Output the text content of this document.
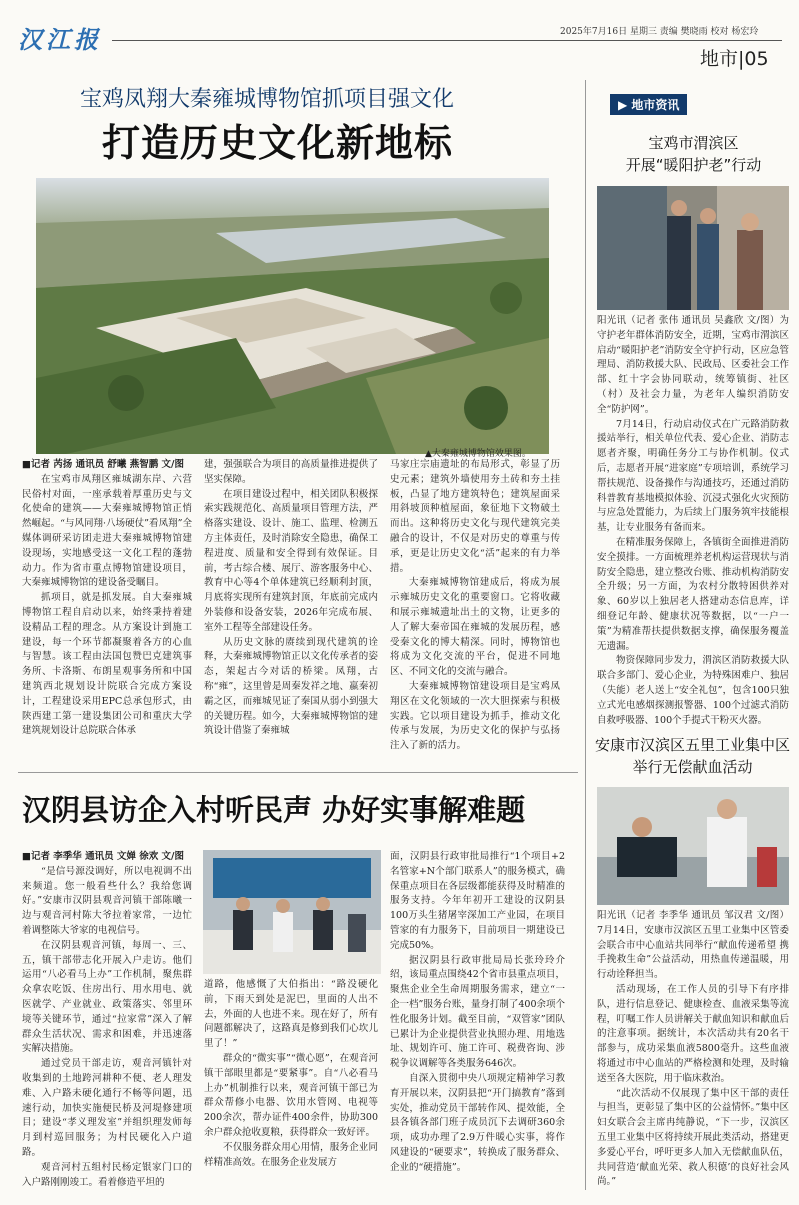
汉江报	2025年7月16日 星期三 责编 樊晓雨 校对 杨宏玲
地市|05
宝鸡凤翔大秦雍城博物馆抓项目强文化
打造历史文化新地标
▲大秦雍城博物馆效果图。
■记者 芮扬 通讯员 舒曦 燕智鹏 文/图

在宝鸡市凤翔区雍城湖东岸、六营民俗村对面，一座承载着厚重历史与文化使命的建筑——大秦雍城博物馆正悄然崛起。“与风同翔·八场硬仗”看凤翔”全媒体调研采访团走进大秦雍城博物馆建设现场，实地感受这一文化工程的蓬勃动力。作为省市重点博物馆建设项目，大秦雍城博物馆的建设备受瞩目。

抓项目，就是抓发展。自大秦雍城博物馆工程自启动以来，始终秉持着建设精品工程的理念。从方案设计到施工建设，每一个环节都凝聚着各方的心血与智慧。该工程由法国包赞巴克建筑事务所、卡洛斯、布朗星观事务所和中国建筑西北规划设计院联合完成方案设计，工程建设采用EPC总承包形式，由陕西建工第一建设集团公司和重庆大学建筑规划设计总院联合体承

建，强强联合为项目的高质量推进提供了坚实保障。

在项目建设过程中，相关团队积极探索实践规范化、高质量项目管理方法，严格落实建设、设计、施工、监理、检测五方主体责任，及时消除安全隐患，确保工程进度、质量和安全得到有效保证。目前，考古综合楼、展厅、游客服务中心、教育中心等4个单体建筑已经顺利封顶，月底将实现所有建筑封顶，年底前完成内外装修和设备安装，2026年完成布展、室外工程等全部建设任务。

从历史文脉的赓续到现代建筑的诠释，大秦雍城博物馆正以文化传承者的姿态，架起古今对话的桥梁。凤翔，古称“雍”，这里曾是周秦发祥之地、嬴秦初霸之区，而雍城见证了秦国从弱小到强大的关键历程。如今，大秦雍城博物馆的建筑设计借鉴了秦雍城

马家庄宗庙遗址的布局形式，彰显了历史元素；建筑外墙使用夯土砖和夯土挂板，凸显了地方建筑特色；建筑屋面采用斜坡顶种植屋面，象征地下文物破土而出。这种将历史文化与现代建筑完美融合的设计，不仅是对历史的尊重与传承，更是让历史文化“活”起来的有力举措。

大秦雍城博物馆建成后，将成为展示雍城历史文化的重要窗口。它将收藏和展示雍城遗址出土的文物，让更多的人了解大秦帝国在雍城的发展历程，感受秦文化的博大精深。同时，博物馆也将成为文化交流的平台，促进不同地区、不同文化的交流与融合。

大秦雍城博物馆建设项目是宝鸡凤翔区在文化领域的一次大胆探索与积极实践。它以项目建设为抓手，推动文化传承与发展，为历史文化的保护与弘扬注入了新的活力。

▶ 地市资讯
宝鸡市渭滨区
开展“暖阳护老”行动

阳光讯（记者 张伟 通讯员 吴鑫欣 文/图）为守护老年群体消防安全，近期，宝鸡市渭滨区启动“暖阳护老”消防安全守护行动，区应急管理局、消防救援大队、民政局、区委社会工作部、红十字会协同联动，统筹镇街、社区（村）及社会力量，为老年人编织消防安全“防护网”。

7月14日，行动启动仪式在广元路消防救援站举行，相关单位代表、爱心企业、消防志愿者齐聚，明确任务分工与协作机制。仪式后，志愿者开展“进家庭”专项培训，系统学习帮扶规范、设备操作与沟通技巧，还通过消防科普教育基地模拟体验、沉浸式强化火灾预防与应急处置能力，为后续上门服务筑牢技能根基，让专业服务有备而来。

在精准服务保障上，各镇街全面推进消防安全摸排。一方面梳理养老机构运营现状与消防安全隐患，建立整改台账、推动机构消防安全升级；另一方面，为农村分散特困供养对象、60岁以上独居老人搭建动态信息库，详细登记年龄、健康状况等数据，以“一户一策”为精准帮扶提供数据支撑，确保服务覆盖无遗漏。

物资保障同步发力，渭滨区消防救援大队联合多部门、爱心企业，为特殊困难户、独居（失能）老人送上“安全礼包”，包含100只独立式光电感烟探测报警器、100个过滤式消防自救呼吸器、100个手提式干粉灭火器。

安康市汉滨区五里工业集中区
举行无偿献血活动

阳光讯（记者 李季华 通讯员 邹汉君 文/图）7月14日，安康市汉滨区五里工业集中区管委会联合市中心血站共同举行“献血传递希望 携手挽救生命”公益活动，用热血传递温暖，用行动诠释担当。

活动现场，在工作人员的引导下有序排队，进行信息登记、健康检查、血液采集等流程，叮嘱工作人员讲解关于献血知识和献血后的注意事项。据统计，本次活动共有20名干部参与，成功采集血液5800毫升。这些血液将通过市中心血站的严格检测和处理，及时输送至各大医院，用于临床救治。

“此次活动不仅展现了集中区干部的责任与担当，更彰显了集中区的公益情怀。”集中区妇女联合会主席冉纯静说，“下一步，汉滨区五里工业集中区将持续开展此类活动，搭建更多爱心平台，呼吁更多人加入无偿献血队伍，共同营造‘献血光荣、救人积德’的良好社会风尚。”

汉阴县访企入村听民声 办好实事解难题
■记者 李季华 通讯员 文婵 徐欢 文/图

“是信号源没调好，所以电视调不出来频道。您一般看些什么？我给您调好。”安康市汉阴县观音河镇干部陈曦一边与观音河村陈大爷拉着家常，一边忙着调整陈大爷家的电视信号。

在汉阴县观音河镇，每周一、三、五，镇干部带志化开展入户走访。他们运用“八必看马上办”工作机制，聚焦群众拿农吃饭、住房出行、用水用电、就医就学、产业就业、政策落实、邻里环境等关键环节，通过“拉家常”深入了解群众生活状况、需求和困难，并迅速落实解决措施。

通过党员干部走访，观音河镇针对收集到的土地跨河耕种不便、老人理发难、入户路未硬化通行不畅等问题，迅速行动，加快实施便民桥及河堤修建项目；建设“孝义理发室”并组织理发师每月到村巡回服务；为村民硬化入户道路。

观音河村五组村民杨定银家门口的入户路刚刚竣工。看着修造平坦的

道路，他感慨了大伯指出：“路没硬化前，下雨天到处是泥巴，里面的人出不去，外面的人也进不来。现在好了，所有问题都解决了，这路真是修到我们心坎儿里了！”

群众的“微实事”“微心愿”，在观音河镇干部眼里都是“要紧事”。自“八必看马上办”机制推行以来，观音河镇干部已为群众帮修小电器、饮用水管网、电视等200余次，帮办证件400余件，协助300余户群众抢收夏粮，获得群众一致好评。

不仅服务群众用心用情，服务企业同样精准高效。在服务企业发展方

面，汉阴县行政审批局推行“1个项目+2名管家+N个部门联系人”的服务模式，确保重点项目在各层级都能获得及时精准的服务支持。今年年初开工建设的汉阴县100万头生猪屠宰深加工产业园，在项目管家的有力服务下，目前项目一期建设已完成50%。

据汉阴县行政审批局局长张玲玲介绍，该局重点围绕42个省市县重点项目，聚焦企业全生命周期服务需求，建立“一企一档”服务台账，量身打制了400余项个性化服务计划。截至目前，“双管家”团队已累计为企业提供营业执照办理、用地选址、规划许可、施工许可、税费咨询、涉税争议调解等各类服务646次。

自深入贯彻中央八项规定精神学习教育开展以来，汉阴县把“开门搞教育”落到实处，推动党员干部转作风、提效能，全县各镇各部门班子成员沉下去调研360余项，成功办理了2.9万件暖心实事，将作风建设的“硬要求”，转换成了服务群众、企业的“硬措施”。
